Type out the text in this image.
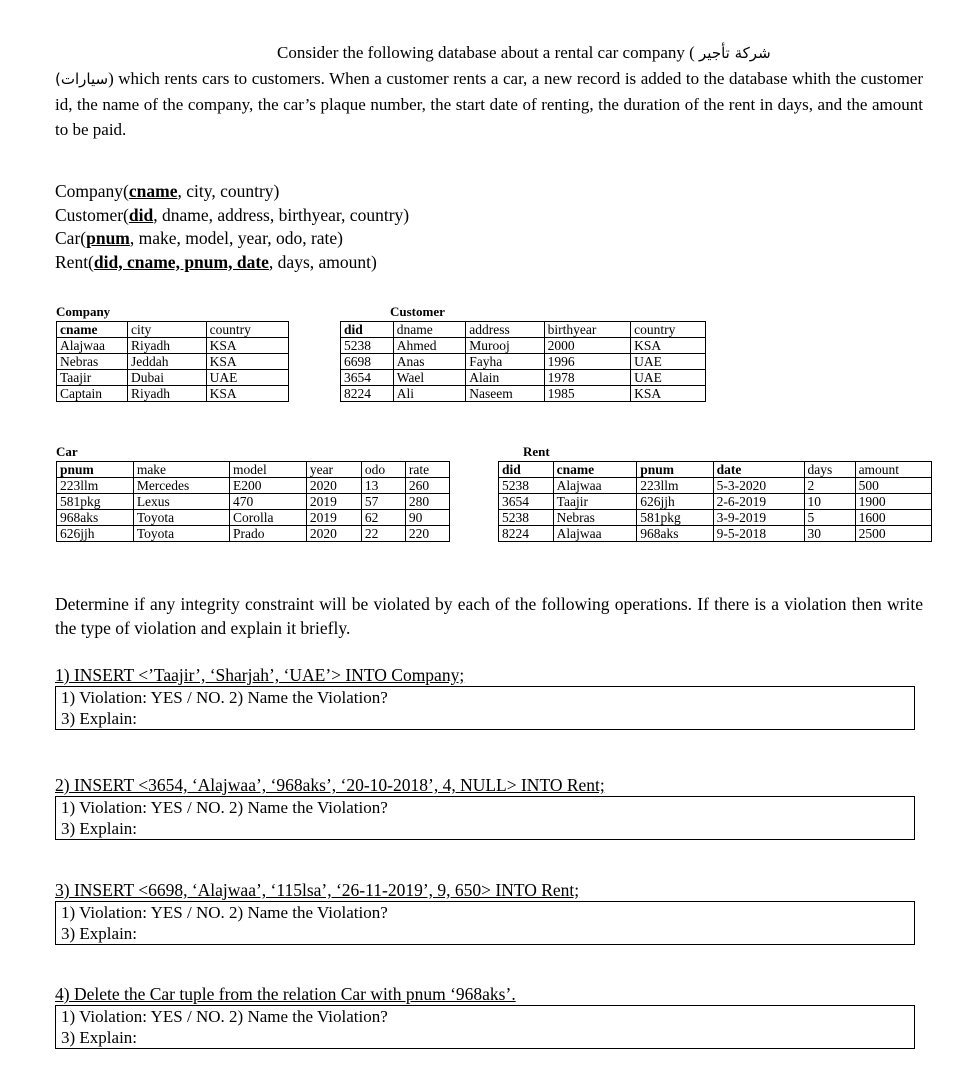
Consider the following database about a rental car company ( شركة تأجير
(سيارات) which rents cars to customers. When a customer rents a car, a new record is added to the database whith the customer id, the name of the company, the car’s plaque number, the start date of renting, the duration of the rent in days, and the amount to be paid.
Company(cname, city, country)
Customer(did, dname, address, birthyear, country)
Car(pnum, make, model, year, odo, rate)
Rent(did, cname, pnum, date, days, amount)
Company
cname	city	country
Alajwaa	Riyadh	KSA
Nebras	Jeddah	KSA
Taajir	Dubai	UAE
Captain	Riyadh	KSA
Customer
did	dname	address	birthyear	country
5238	Ahmed	Murooj	2000	KSA
6698	Anas	Fayha	1996	UAE
3654	Wael	Alain	1978	UAE
8224	Ali	Naseem	1985	KSA
Car
pnum	make	model	year	odo	rate
223llm	Mercedes	E200	2020	13	260
581pkg	Lexus	470	2019	57	280
968aks	Toyota	Corolla	2019	62	90
626jjh	Toyota	Prado	2020	22	220
Rent
did	cname	pnum	date	days	amount
5238	Alajwaa	223llm	5-3-2020	2	500
3654	Taajir	626jjh	2-6-2019	10	1900
5238	Nebras	581pkg	3-9-2019	5	1600
8224	Alajwaa	968aks	9-5-2018	30	2500
Determine if any integrity constraint will be violated by each of the following operations. If there is a violation then write the type of violation and explain it briefly.
1) INSERT <’Taajir’, ‘Sharjah’, ‘UAE’> INTO Company;
1) Violation: YES / NO. 2) Name the Violation?
3) Explain:
2) INSERT <3654, ‘Alajwaa’, ‘968aks’, ‘20-10-2018’, 4, NULL> INTO Rent;
1) Violation: YES / NO. 2) Name the Violation?
3) Explain:
3) INSERT <6698, ‘Alajwaa’, ‘115lsa’, ‘26-11-2019’, 9, 650> INTO Rent;
1) Violation: YES / NO. 2) Name the Violation?
3) Explain:
4) Delete the Car tuple from the relation Car with pnum ‘968aks’.
1) Violation: YES / NO. 2) Name the Violation?
3) Explain:
